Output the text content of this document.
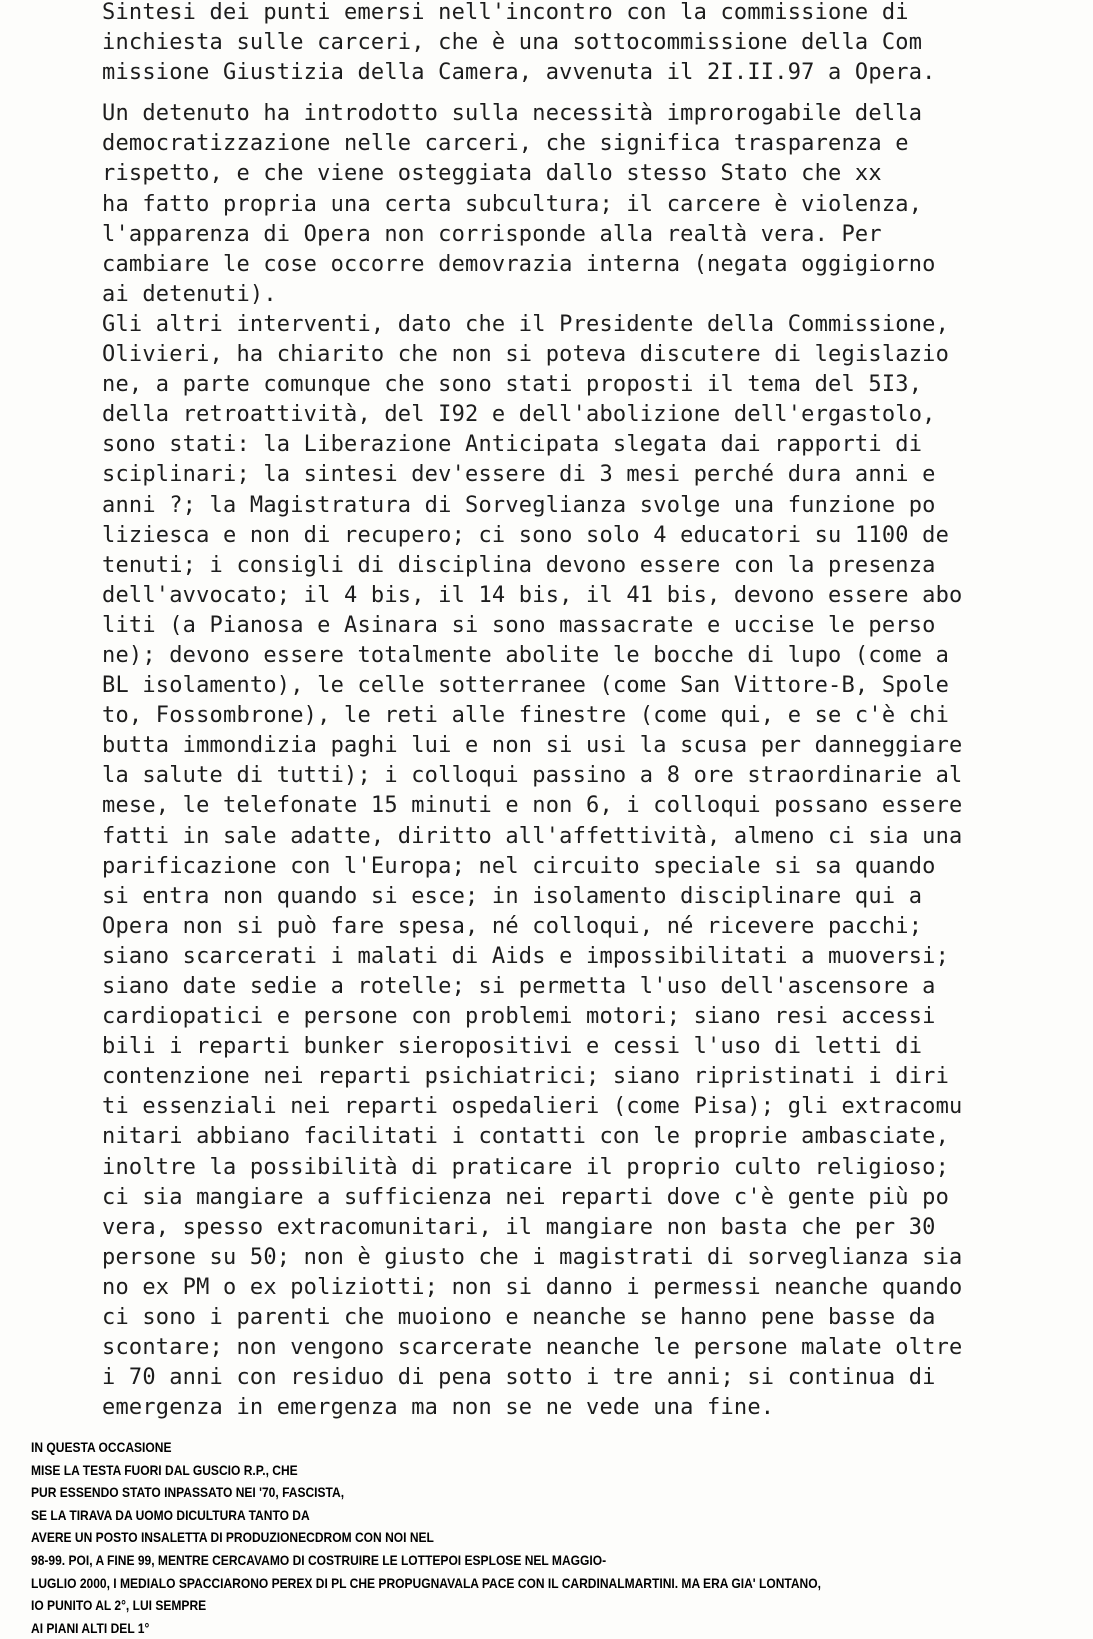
Sintesi dei punti emersi nell'incontro con la commissione di
inchiesta sulle carceri, che è una sottocommissione della Com
missione Giustizia della Camera, avvenuta il 2I.II.97 a Opera.
Un detenuto ha introdotto sulla necessità improrogabile della
democratizzazione nelle carceri, che significa trasparenza e
rispetto, e che viene osteggiata dallo stesso Stato che xx
ha fatto propria una certa subcultura; il carcere è violenza,
l'apparenza di Opera non corrisponde alla realtà vera. Per
cambiare le cose occorre demovrazia interna (negata oggigiorno
ai detenuti).
Gli altri interventi, dato che il Presidente della Commissione,
Olivieri, ha chiarito che non si poteva discutere di legislazio
ne, a parte comunque che sono stati proposti il tema del 5I3,
della retroattività, del I92 e dell'abolizione dell'ergastolo,
sono stati: la Liberazione Anticipata slegata dai rapporti di
sciplinari; la sintesi dev'essere di 3 mesi perché dura anni e
anni ?; la Magistratura di Sorveglianza svolge una funzione po
liziesca e non di recupero; ci sono solo 4 educatori su 1100 de
tenuti; i consigli di disciplina devono essere con la presenza
dell'avvocato; il 4 bis, il 14 bis, il 41 bis, devono essere abo
liti (a Pianosa e Asinara si sono massacrate e uccise le perso
ne); devono essere totalmente abolite le bocche di lupo (come a
BL isolamento), le celle sotterranee (come San Vittore-B, Spole
to, Fossombrone), le reti alle finestre (come qui, e se c'è chi
butta immondizia paghi lui e non si usi la scusa per danneggiare
la salute di tutti); i colloqui passino a 8 ore straordinarie al
mese, le telefonate 15 minuti e non 6, i colloqui possano essere
fatti in sale adatte, diritto all'affettività, almeno ci sia una
parificazione con l'Europa; nel circuito speciale si sa quando
si entra non quando si esce; in isolamento disciplinare qui a
Opera non si può fare spesa, né colloqui, né ricevere pacchi;
siano scarcerati i malati di Aids e impossibilitati a muoversi;
siano date sedie a rotelle; si permetta l'uso dell'ascensore a
cardiopatici e persone con problemi motori; siano resi accessi
bili i reparti bunker sieropositivi e cessi l'uso di letti di
contenzione nei reparti psichiatrici; siano ripristinati i diri
ti essenziali nei reparti ospedalieri (come Pisa); gli extracomu
nitari abbiano facilitati i contatti con le proprie ambasciate,
inoltre la possibilità di praticare il proprio culto religioso;
ci sia mangiare a sufficienza nei reparti dove c'è gente più po
vera, spesso extracomunitari, il mangiare non basta che per 30
persone su 50; non è giusto che i magistrati di sorveglianza sia
no ex PM o ex poliziotti; non si danno i permessi neanche quando
ci sono i parenti che muoiono e neanche se hanno pene basse da
scontare; non vengono scarcerate neanche le persone malate oltre
i 70 anni con residuo di pena sotto i tre anni; si continua di
emergenza in emergenza ma non se ne vede una fine.
IN QUESTA OCCASIONE
MISE LA TESTA FUORI DAL GUSCIO R.P., CHE
PUR ESSENDO STATO INPASSATO NEI '70, FASCISTA,
SE LA TIRAVA DA UOMO DICULTURA TANTO DA
AVERE UN POSTO INSALETTA DI PRODUZIONECDROM CON NOI NEL
98-99. POI, A FINE 99, MENTRE CERCAVAMO DI COSTRUIRE LE LOTTEPOI ESPLOSE NEL MAGGIO-
LUGLIO 2000, I MEDIALO SPACCIARONO PEREX DI PL CHE PROPUGNAVALA PACE CON IL CARDINALMARTINI. MA ERA GIA' LONTANO,
IO PUNITO AL 2°, LUI SEMPRE
AI PIANI ALTI DEL 1°
